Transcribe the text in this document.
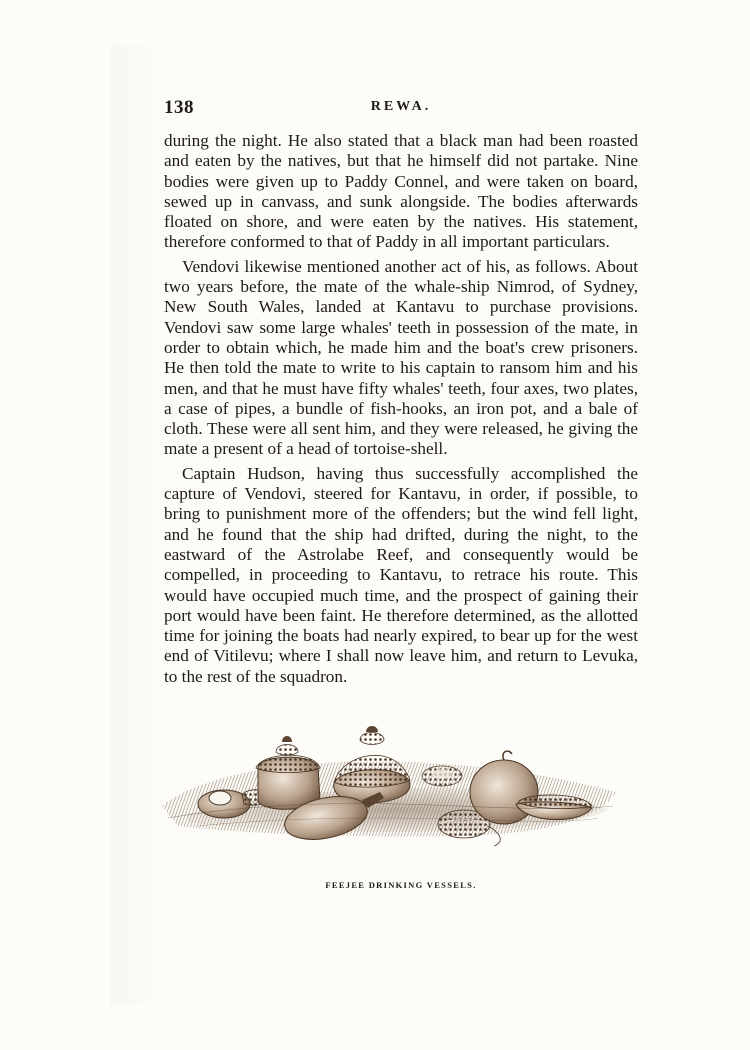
138	REWA.

during the night. He also stated that a black man had been roasted and eaten by the natives, but that he himself did not partake. Nine bodies were given up to Paddy Connel, and were taken on board, sewed up in canvass, and sunk alongside. The bodies afterwards floated on shore, and were eaten by the natives. His statement, therefore conformed to that of Paddy in all important particulars.

Vendovi likewise mentioned another act of his, as follows. About two years before, the mate of the whale-ship Nimrod, of Sydney, New South Wales, landed at Kantavu to purchase provisions. Vendovi saw some large whales' teeth in possession of the mate, in order to obtain which, he made him and the boat's crew prisoners. He then told the mate to write to his captain to ransom him and his men, and that he must have fifty whales' teeth, four axes, two plates, a case of pipes, a bundle of fish-hooks, an iron pot, and a bale of cloth. These were all sent him, and they were released, he giving the mate a present of a head of tortoise-shell.

Captain Hudson, having thus successfully accomplished the capture of Vendovi, steered for Kantavu, in order, if possible, to bring to punishment more of the offenders; but the wind fell light, and he found that the ship had drifted, during the night, to the eastward of the Astrolabe Reef, and consequently would be compelled, in proceeding to Kantavu, to retrace his route. This would have occupied much time, and the prospect of gaining their port would have been faint. He therefore determined, as the allotted time for joining the boats had nearly expired, to bear up for the west end of Vitilevu; where I shall now leave him, and return to Levuka, to the rest of the squadron.

FEEJEE DRINKING VESSELS.
